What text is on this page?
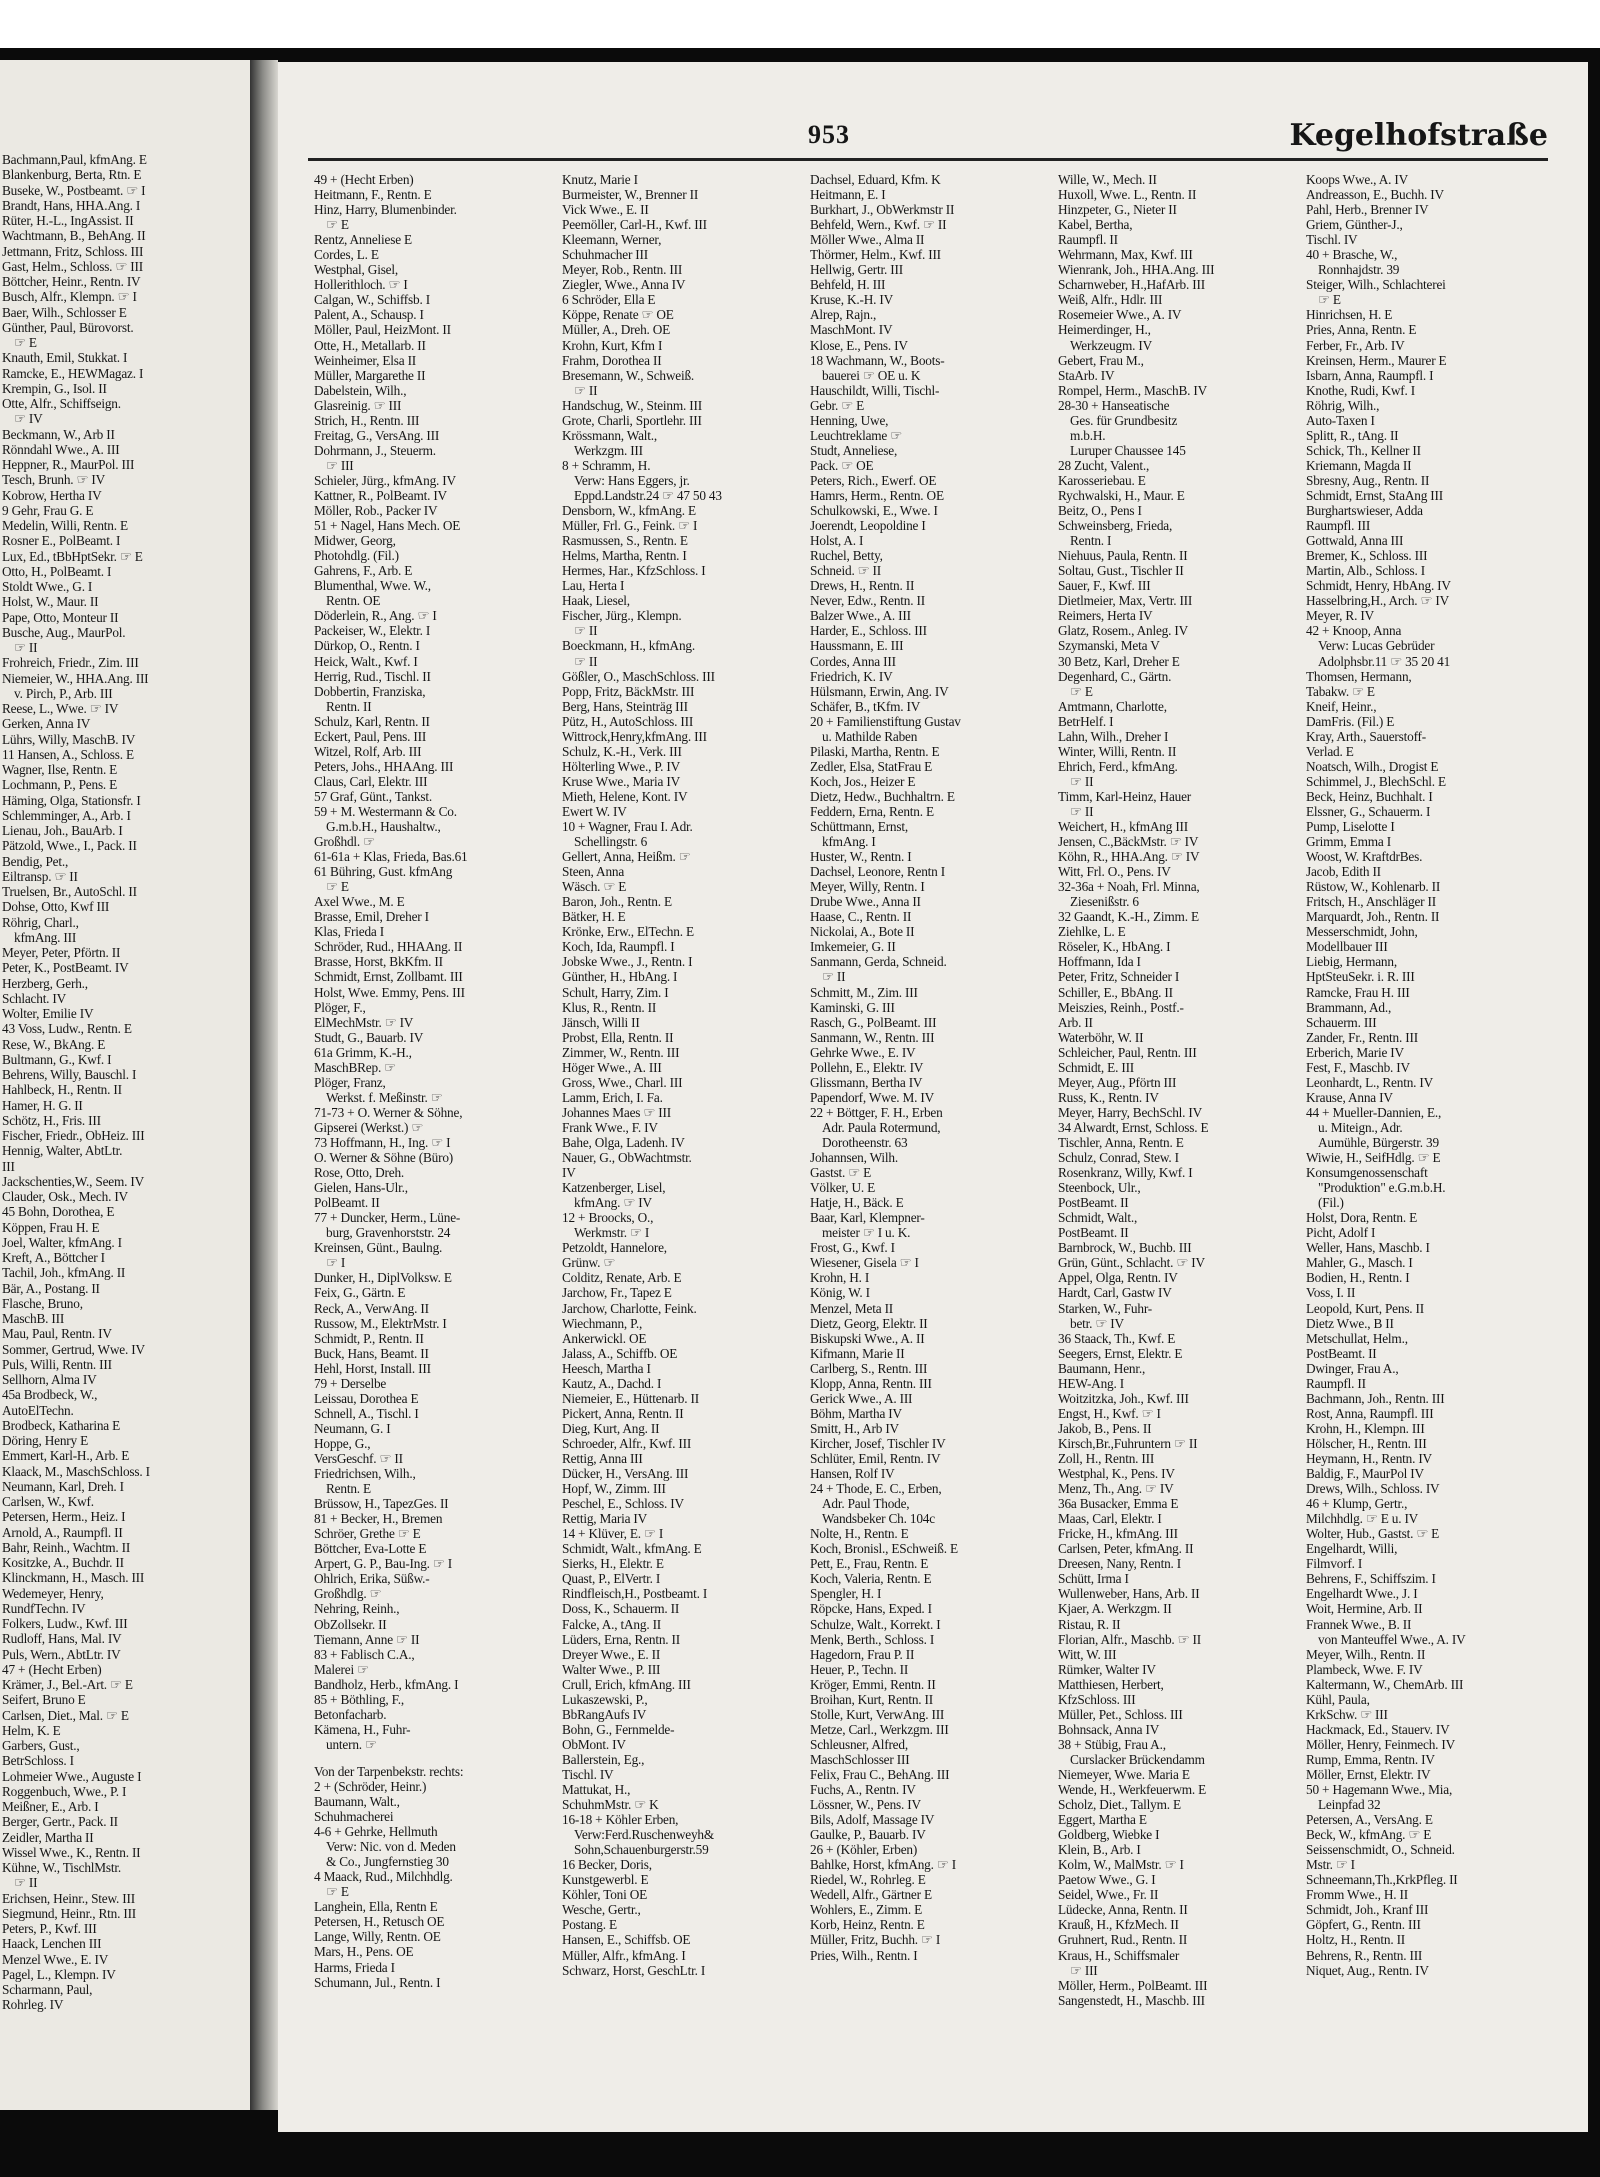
Bachmann,Paul, kfmAng. E
Blankenburg, Berta, Rtn. E
Buseke, W., Postbeamt. ☞ I
Brandt, Hans, HHA.Ang. I
Rüter, H.-L., IngAssist. II
Wachtmann, B., BehAng. II
Jettmann, Fritz, Schloss. III
Gast, Helm., Schloss. ☞ III
Böttcher, Heinr., Rentn. IV
Busch, Alfr., Klempn. ☞ I
Baer, Wilh., Schlosser E
Günther, Paul, Bürovorst.
☞ E
Knauth, Emil, Stukkat. I
Ramcke, E., HEWMagaz. I
Krempin, G., Isol. II
Otte, Alfr., Schiffseign.
☞ IV
Beckmann, W., Arb II
Rönndahl Wwe., A. III
Heppner, R., MaurPol. III
Tesch, Brunh. ☞ IV
Kobrow, Hertha IV
9 Gehr, Frau G. E
Medelin, Willi, Rentn. E
Rosner E., PolBeamt. I
Lux, Ed., tBbHptSekr. ☞ E
Otto, H., PolBeamt. I
Stoldt Wwe., G. I
Holst, W., Maur. II
Pape, Otto, Monteur II
Busche, Aug., MaurPol.
☞ II
Frohreich, Friedr., Zim. III
Niemeier, W., HHA.Ang. III
v. Pirch, P., Arb. III
Reese, L., Wwe. ☞ IV
Gerken, Anna IV
Lührs, Willy, MaschB. IV
11 Hansen, A., Schloss. E
Wagner, Ilse, Rentn. E
Lochmann, P., Pens. E
Häming, Olga, Stationsfr. I
Schlemminger, A., Arb. I
Lienau, Joh., BauArb. I
Pätzold, Wwe., I., Pack. II
Bendig, Pet.,
Eiltransp. ☞ II
Truelsen, Br., AutoSchl. II
Dohse, Otto, Kwf III
Röhrig, Charl.,
kfmAng. III
Meyer, Peter, Pförtn. II
Peter, K., PostBeamt. IV
Herzberg, Gerh.,
Schlacht. IV
Wolter, Emilie IV
43 Voss, Ludw., Rentn. E
Rese, W., BkAng. E
Bultmann, G., Kwf. I
Behrens, Willy, Bauschl. I
Hahlbeck, H., Rentn. II
Hamer, H. G. II
Schötz, H., Fris. III
Fischer, Friedr., ObHeiz. III
Hennig, Walter, AbtLtr.
III
Jackschenties,W., Seem. IV
Clauder, Osk., Mech. IV
45 Bohn, Dorothea, E
Köppen, Frau H. E
Joel, Walter, kfmAng. I
Kreft, A., Böttcher I
Tachil, Joh., kfmAng. II
Bär, A., Postang. II
Flasche, Bruno,
MaschB. III
Mau, Paul, Rentn. IV
Sommer, Gertrud, Wwe. IV
Puls, Willi, Rentn. III
Sellhorn, Alma IV
45a Brodbeck, W.,
AutoElTechn.
Brodbeck, Katharina E
Döring, Henry E
Emmert, Karl-H., Arb. E
Klaack, M., MaschSchloss. I
Neumann, Karl, Dreh. I
Carlsen, W., Kwf.
Petersen, Herm., Heiz. I
Arnold, A., Raumpfl. II
Bahr, Reinh., Wachtm. II
Kositzke, A., Buchdr. II
Klinckmann, H., Masch. III
Wedemeyer, Henry,
RundfTechn. IV
Folkers, Ludw., Kwf. III
Rudloff, Hans, Mal. IV
Puls, Wern., AbtLtr. IV
47 + (Hecht Erben)
Krämer, J., Bel.-Art. ☞ E
Seifert, Bruno E
Carlsen, Diet., Mal. ☞ E
Helm, K. E
Garbers, Gust.,
BetrSchloss. I
Lohmeier Wwe., Auguste I
Roggenbuch, Wwe., P. I
Meißner, E., Arb. I
Berger, Gertr., Pack. II
Zeidler, Martha II
Wissel Wwe., K., Rentn. II
Kühne, W., TischlMstr.
☞ II
Erichsen, Heinr., Stew. III
Siegmund, Heinr., Rtn. III
Peters, P., Kwf. III
Haack, Lenchen III
Menzel Wwe., E. IV
Pagel, L., Klempn. IV
Scharmann, Paul,
Rohrleg. IV
953	Kegelhofstraße
49 + (Hecht Erben)
Heitmann, F., Rentn. E
Hinz, Harry, Blumenbinder.
☞ E
Rentz, Anneliese E
Cordes, L. E
Westphal, Gisel,
Hollerithloch. ☞ I
Calgan, W., Schiffsb. I
Palent, A., Schausp. I
Möller, Paul, HeizMont. II
Otte, H., Metallarb. II
Weinheimer, Elsa II
Müller, Margarethe II
Dabelstein, Wilh.,
Glasreinig. ☞ III
Strich, H., Rentn. III
Freitag, G., VersAng. III
Dohrmann, J., Steuerm.
☞ III
Schieler, Jürg., kfmAng. IV
Kattner, R., PolBeamt. IV
Möller, Rob., Packer IV
51 + Nagel, Hans Mech. OE
Midwer, Georg,
Photohdlg. (Fil.)
Gahrens, F., Arb. E
Blumenthal, Wwe. W.,
Rentn. OE
Döderlein, R., Ang. ☞ I
Packeiser, W., Elektr. I
Dürkop, O., Rentn. I
Heick, Walt., Kwf. I
Herrig, Rud., Tischl. II
Dobbertin, Franziska,
Rentn. II
Schulz, Karl, Rentn. II
Eckert, Paul, Pens. III
Witzel, Rolf, Arb. III
Peters, Johs., HHAAng. III
Claus, Carl, Elektr. III
57 Graf, Günt., Tankst.
59 + M. Westermann & Co.
G.m.b.H., Haushaltw.,
Großhdl. ☞
61-61a + Klas, Frieda, Bas.61
61 Bühring, Gust. kfmAng
☞ E
Axel Wwe., M. E
Brasse, Emil, Dreher I
Klas, Frieda I
Schröder, Rud., HHAAng. II
Brasse, Horst, BkKfm. II
Schmidt, Ernst, Zollbamt. III
Holst, Wwe. Emmy, Pens. III
Plöger, F.,
ElMechMstr. ☞ IV
Studt, G., Bauarb. IV
61a Grimm, K.-H.,
MaschBRep. ☞
Plöger, Franz,
Werkst. f. Meßinstr. ☞
71-73 + O. Werner & Söhne,
Gipserei (Werkst.) ☞
73 Hoffmann, H., Ing. ☞ I
O. Werner & Söhne (Büro)
Rose, Otto, Dreh.
Gielen, Hans-Ulr.,
PolBeamt. II
77 + Duncker, Herm., Lüne-
burg, Gravenhorststr. 24
Kreinsen, Günt., Baulng.
☞ I
Dunker, H., DiplVolksw. E
Feix, G., Gärtn. E
Reck, A., VerwAng. II
Russow, M., ElektrMstr. I
Schmidt, P., Rentn. II
Buck, Hans, Beamt. II
Hehl, Horst, Install. III
79 + Derselbe
Leissau, Dorothea E
Schnell, A., Tischl. I
Neumann, G. I
Hoppe, G.,
VersGeschf. ☞ II
Friedrichsen, Wilh.,
Rentn. E
Brüssow, H., TapezGes. II
81 + Becker, H., Bremen
Schröer, Grethe ☞ E
Böttcher, Eva-Lotte E
Arpert, G. P., Bau-Ing. ☞ I
Ohlrich, Erika, Süßw.-
Großhdlg. ☞
Nehring, Reinh.,
ObZollsekr. II
Tiemann, Anne ☞ II
83 + Fablisch C.A.,
Malerei ☞
Bandholz, Herb., kfmAng. I
85 + Böthling, F.,
Betonfacharb.
Kämena, H., Fuhr-
untern. ☞
Von der Tarpenbekstr. rechts:
2 + (Schröder, Heinr.)
Baumann, Walt.,
Schuhmacherei
4-6 + Gehrke, Hellmuth
Verw: Nic. von d. Meden
& Co., Jungfernstieg 30
4 Maack, Rud., Milchhdlg.
☞ E
Langhein, Ella, Rentn E
Petersen, H., Retusch OE
Lange, Willy, Rentn. OE
Mars, H., Pens. OE
Harms, Frieda I
Schumann, Jul., Rentn. I
Knutz, Marie I
Burmeister, W., Brenner II
Vick Wwe., E. II
Peemöller, Carl-H., Kwf. III
Kleemann, Werner,
Schuhmacher III
Meyer, Rob., Rentn. III
Ziegler, Wwe., Anna IV
6 Schröder, Ella E
Köppe, Renate ☞ OE
Müller, A., Dreh. OE
Krohn, Kurt, Kfm I
Frahm, Dorothea II
Bresemann, W., Schweiß.
☞ II
Handschug, W., Steinm. III
Grote, Charli, Sportlehr. III
Krössmann, Walt.,
Werkzgm. III
8 + Schramm, H.
Verw: Hans Eggers, jr.
Eppd.Landstr.24 ☞ 47 50 43
Densborn, W., kfmAng. E
Müller, Frl. G., Feink. ☞ I
Rasmussen, S., Rentn. E
Helms, Martha, Rentn. I
Hermes, Har., KfzSchloss. I
Lau, Herta I
Haak, Liesel,
Fischer, Jürg., Klempn.
☞ II
Boeckmann, H., kfmAng.
☞ II
Gößler, O., MaschSchloss. III
Popp, Fritz, BäckMstr. III
Berg, Hans, Steinträg III
Pütz, H., AutoSchloss. III
Wittrock,Henry,kfmAng. III
Schulz, K.-H., Verk. III
Hölterling Wwe., P. IV
Kruse Wwe., Maria IV
Mieth, Helene, Kont. IV
Ewert W. IV
10 + Wagner, Frau I. Adr.
Schellingstr. 6
Gellert, Anna, Heißm. ☞
Steen, Anna
Wäsch. ☞ E
Baron, Joh., Rentn. E
Bätker, H. E
Krönke, Erw., ElTechn. E
Koch, Ida, Raumpfl. I
Jobske Wwe., J., Rentn. I
Günther, H., HbAng. I
Schult, Harry, Zim. I
Klus, R., Rentn. II
Jänsch, Willi II
Probst, Ella, Rentn. II
Zimmer, W., Rentn. III
Höger Wwe., A. III
Gross, Wwe., Charl. III
Lamm, Erich, I. Fa.
Johannes Maes ☞ III
Frank Wwe., F. IV
Bahe, Olga, Ladenh. IV
Nauer, G., ObWachtmstr.
IV
Katzenberger, Lisel,
kfmAng. ☞ IV
12 + Broocks, O.,
Werkmstr. ☞ I
Petzoldt, Hannelore,
Grünw. ☞
Colditz, Renate, Arb. E
Jarchow, Fr., Tapez E
Jarchow, Charlotte, Feink.
Wiechmann, P.,
Ankerwickl. OE
Jalass, A., Schiffb. OE
Heesch, Martha I
Kautz, A., Dachd. I
Niemeier, E., Hüttenarb. II
Pickert, Anna, Rentn. II
Dieg, Kurt, Ang. II
Schroeder, Alfr., Kwf. III
Rettig, Anna III
Dücker, H., VersAng. III
Hopf, W., Zimm. III
Peschel, E., Schloss. IV
Rettig, Maria IV
14 + Klüver, E. ☞ I
Schmidt, Walt., kfmAng. E
Sierks, H., Elektr. E
Quast, P., ElVertr. I
Rindfleisch,H., Postbeamt. I
Doss, K., Schauerm. II
Falcke, A., tAng. II
Lüders, Erna, Rentn. II
Dreyer Wwe., E. II
Walter Wwe., P. III
Crull, Erich, kfmAng. III
Lukaszewski, P.,
BbRangAufs IV
Bohn, G., Fernmelde-
ObMont. IV
Ballerstein, Eg.,
Tischl. IV
Mattukat, H.,
SchuhmMstr. ☞ K
16-18 + Köhler Erben,
Verw:Ferd.Ruschenweyh&
Sohn,Schauenburgerstr.59
16 Becker, Doris,
Kunstgewerbl. E
Köhler, Toni OE
Wesche, Gertr.,
Postang. E
Hansen, E., Schiffsb. OE
Müller, Alfr., kfmAng. I
Schwarz, Horst, GeschLtr. I
Dachsel, Eduard, Kfm. K
Heitmann, E. I
Burkhart, J., ObWerkmstr II
Behfeld, Wern., Kwf. ☞ II
Möller Wwe., Alma II
Thörmer, Helm., Kwf. III
Hellwig, Gertr. III
Behfeld, H. III
Kruse, K.-H. IV
Alrep, Rajn.,
MaschMont. IV
Klose, E., Pens. IV
18 Wachmann, W., Boots-
bauerei ☞ OE u. K
Hauschildt, Willi, Tischl-
Gebr. ☞ E
Henning, Uwe,
Leuchtreklame ☞
Studt, Anneliese,
Pack. ☞ OE
Peters, Rich., Ewerf. OE
Hamrs, Herm., Rentn. OE
Schulkowski, E., Wwe. I
Joerendt, Leopoldine I
Holst, A. I
Ruchel, Betty,
Schneid. ☞ II
Drews, H., Rentn. II
Never, Edw., Rentn. II
Balzer Wwe., A. III
Harder, E., Schloss. III
Haussmann, E. III
Cordes, Anna III
Friedrich, K. IV
Hülsmann, Erwin, Ang. IV
Schäfer, B., tKfm. IV
20 + Familienstiftung Gustav
u. Mathilde Raben
Pilaski, Martha, Rentn. E
Zedler, Elsa, StatFrau E
Koch, Jos., Heizer E
Dietz, Hedw., Buchhaltrn. E
Feddern, Erna, Rentn. E
Schüttmann, Ernst,
kfmAng. I
Huster, W., Rentn. I
Dachsel, Leonore, Rentn I
Meyer, Willy, Rentn. I
Drube Wwe., Anna II
Haase, C., Rentn. II
Nickolai, A., Bote II
Imkemeier, G. II
Sanmann, Gerda, Schneid.
☞ II
Schmitt, M., Zim. III
Kaminski, G. III
Rasch, G., PolBeamt. III
Sanmann, W., Rentn. III
Gehrke Wwe., E. IV
Pollehn, E., Elektr. IV
Glissmann, Bertha IV
Papendorf, Wwe. M. IV
22 + Böttger, F. H., Erben
Adr. Paula Rotermund,
Dorotheenstr. 63
Johannsen, Wilh.
Gastst. ☞ E
Völker, U. E
Hatje, H., Bäck. E
Baar, Karl, Klempner-
meister ☞ I u. K.
Frost, G., Kwf. I
Wiesener, Gisela ☞ I
Krohn, H. I
König, W. I
Menzel, Meta II
Dietz, Georg, Elektr. II
Biskupski Wwe., A. II
Kifmann, Marie II
Carlberg, S., Rentn. III
Klopp, Anna, Rentn. III
Gerick Wwe., A. III
Böhm, Martha IV
Smitt, H., Arb IV
Kircher, Josef, Tischler IV
Schlüter, Emil, Rentn. IV
Hansen, Rolf IV
24 + Thode, E. C., Erben,
Adr. Paul Thode,
Wandsbeker Ch. 104c
Nolte, H., Rentn. E
Koch, Bronisl., ESchweiß. E
Pett, E., Frau, Rentn. E
Koch, Valeria, Rentn. E
Spengler, H. I
Röpcke, Hans, Exped. I
Schulze, Walt., Korrekt. I
Menk, Berth., Schloss. I
Hagedorn, Frau P. II
Heuer, P., Techn. II
Kröger, Emmi, Rentn. II
Broihan, Kurt, Rentn. II
Stolle, Kurt, VerwAng. III
Metze, Carl., Werkzgm. III
Schleusner, Alfred,
MaschSchlosser III
Felix, Frau C., BehAng. III
Fuchs, A., Rentn. IV
Lössner, W., Pens. IV
Bils, Adolf, Massage IV
Gaulke, P., Bauarb. IV
26 + (Köhler, Erben)
Bahlke, Horst, kfmAng. ☞ I
Riedel, W., Rohrleg. E
Wedell, Alfr., Gärtner E
Wohlers, E., Zimm. E
Korb, Heinz, Rentn. E
Müller, Fritz, Buchh. ☞ I
Pries, Wilh., Rentn. I
Wille, W., Mech. II
Huxoll, Wwe. L., Rentn. II
Hinzpeter, G., Nieter II
Kabel, Bertha,
Raumpfl. II
Wehrmann, Max, Kwf. III
Wienrank, Joh., HHA.Ang. III
Scharnweber, H.,HafArb. III
Weiß, Alfr., Hdlr. III
Rosemeier Wwe., A. IV
Heimerdinger, H.,
Werkzeugm. IV
Gebert, Frau M.,
StaArb. IV
Rompel, Herm., MaschB. IV
28-30 + Hanseatische
Ges. für Grundbesitz
m.b.H.
Luruper Chaussee 145
28 Zucht, Valent.,
Karosseriebau. E
Rychwalski, H., Maur. E
Beitz, O., Pens I
Schweinsberg, Frieda,
Rentn. I
Niehuus, Paula, Rentn. II
Soltau, Gust., Tischler II
Sauer, F., Kwf. III
Dietlmeier, Max, Vertr. III
Reimers, Herta IV
Glatz, Rosem., Anleg. IV
Szymanski, Meta V
30 Betz, Karl, Dreher E
Degenhard, C., Gärtn.
☞ E
Amtmann, Charlotte,
BetrHelf. I
Lahn, Wilh., Dreher I
Winter, Willi, Rentn. II
Ehrich, Ferd., kfmAng.
☞ II
Timm, Karl-Heinz, Hauer
☞ II
Weichert, H., kfmAng III
Jensen, C.,BäckMstr. ☞ IV
Köhn, R., HHA.Ang. ☞ IV
Witt, Frl. O., Pens. IV
32-36a + Noah, Frl. Minna,
Ziesenißstr. 6
32 Gaandt, K.-H., Zimm. E
Ziehlke, L. E
Röseler, K., HbAng. I
Hoffmann, Ida I
Peter, Fritz, Schneider I
Schiller, E., BbAng. II
Meiszies, Reinh., Postf.-
Arb. II
Waterböhr, W. II
Schleicher, Paul, Rentn. III
Schmidt, E. III
Meyer, Aug., Pförtn III
Russ, K., Rentn. IV
Meyer, Harry, BechSchl. IV
34 Alwardt, Ernst, Schloss. E
Tischler, Anna, Rentn. E
Schulz, Conrad, Stew. I
Rosenkranz, Willy, Kwf. I
Steenbock, Ulr.,
PostBeamt. II
Schmidt, Walt.,
PostBeamt. II
Barnbrock, W., Buchb. III
Grün, Günt., Schlacht. ☞ IV
Appel, Olga, Rentn. IV
Hardt, Carl, Gastw IV
Starken, W., Fuhr-
betr. ☞ IV
36 Staack, Th., Kwf. E
Seegers, Ernst, Elektr. E
Baumann, Henr.,
HEW-Ang. I
Woitzitzka, Joh., Kwf. III
Engst, H., Kwf. ☞ I
Jakob, B., Pens. II
Kirsch,Br.,Fuhruntern ☞ II
Zoll, H., Rentn. III
Westphal, K., Pens. IV
Menz, Th., Ang. ☞ IV
36a Busacker, Emma E
Maas, Carl, Elektr. I
Fricke, H., kfmAng. III
Carlsen, Peter, kfmAng. II
Dreesen, Nany, Rentn. I
Schütt, Irma I
Wullenweber, Hans, Arb. II
Kjaer, A. Werkzgm. II
Ristau, R. II
Florian, Alfr., Maschb. ☞ II
Witt, W. III
Rümker, Walter IV
Matthiesen, Herbert,
KfzSchloss. III
Müller, Pet., Schloss. III
Bohnsack, Anna IV
38 + Stübig, Frau A.,
Curslacker Brückendamm
Niemeyer, Wwe. Maria E
Wende, H., Werkfeuerwm. E
Scholz, Diet., Tallym. E
Eggert, Martha E
Goldberg, Wiebke I
Klein, B., Arb. I
Kolm, W., MalMstr. ☞ I
Paetow Wwe., G. I
Seidel, Wwe., Fr. II
Lüdecke, Anna, Rentn. II
Krauß, H., KfzMech. II
Gruhnert, Rud., Rentn. II
Kraus, H., Schiffsmaler
☞ III
Möller, Herm., PolBeamt. III
Sangenstedt, H., Maschb. III
Koops Wwe., A. IV
Andreasson, E., Buchh. IV
Pahl, Herb., Brenner IV
Griem, Günther-J.,
Tischl. IV
40 + Brasche, W.,
Ronnhajdstr. 39
Steiger, Wilh., Schlachterei
☞ E
Hinrichsen, H. E
Pries, Anna, Rentn. E
Ferber, Fr., Arb. IV
Kreinsen, Herm., Maurer E
Isbarn, Anna, Raumpfl. I
Knothe, Rudi, Kwf. I
Röhrig, Wilh.,
Auto-Taxen I
Splitt, R., tAng. II
Schick, Th., Kellner II
Kriemann, Magda II
Sbresny, Aug., Rentn. II
Schmidt, Ernst, StaAng III
Burghartswieser, Adda
Raumpfl. III
Gottwald, Anna III
Bremer, K., Schloss. III
Martin, Alb., Schloss. I
Schmidt, Henry, HbAng. IV
Hasselbring,H., Arch. ☞ IV
Meyer, R. IV
42 + Knoop, Anna
Verw: Lucas Gebrüder
Adolphsbr.11 ☞ 35 20 41
Thomsen, Hermann,
Tabakw. ☞ E
Kneif, Heinr.,
DamFris. (Fil.) E
Kray, Arth., Sauerstoff-
Verlad. E
Noatsch, Wilh., Drogist E
Schimmel, J., BlechSchl. E
Beck, Heinz, Buchhalt. I
Elssner, G., Schauerm. I
Pump, Liselotte I
Grimm, Emma I
Woost, W. KraftdrBes.
Jacob, Edith II
Rüstow, W., Kohlenarb. II
Fritsch, H., Anschläger II
Marquardt, Joh., Rentn. II
Messerschmidt, John,
Modellbauer III
Liebig, Hermann,
HptSteuSekr. i. R. III
Ramcke, Frau H. III
Brammann, Ad.,
Schauerm. III
Zander, Fr., Rentn. III
Erberich, Marie IV
Fest, F., Maschb. IV
Leonhardt, L., Rentn. IV
Krause, Anna IV
44 + Mueller-Dannien, E.,
u. Miteign., Adr.
Aumühle, Bürgerstr. 39
Wiwie, H., SeifHdlg. ☞ E
Konsumgenossenschaft
"Produktion" e.G.m.b.H.
(Fil.)
Holst, Dora, Rentn. E
Picht, Adolf I
Weller, Hans, Maschb. I
Mahler, G., Masch. I
Bodien, H., Rentn. I
Voss, I. II
Leopold, Kurt, Pens. II
Dietz Wwe., B II
Metschullat, Helm.,
PostBeamt. II
Dwinger, Frau A.,
Raumpfl. II
Bachmann, Joh., Rentn. III
Rost, Anna, Raumpfl. III
Krohn, H., Klempn. III
Hölscher, H., Rentn. III
Heymann, H., Rentn. IV
Baldig, F., MaurPol IV
Drews, Wilh., Schloss. IV
46 + Klump, Gertr.,
Milchhdlg. ☞ E u. IV
Wolter, Hub., Gastst. ☞ E
Engelhardt, Willi,
Filmvorf. I
Behrens, F., Schiffszim. I
Engelhardt Wwe., J. I
Woit, Hermine, Arb. II
Frannek Wwe., B. II
von Manteuffel Wwe., A. IV
Meyer, Wilh., Rentn. II
Plambeck, Wwe. F. IV
Kaltermann, W., ChemArb. III
Kühl, Paula,
KrkSchw. ☞ III
Hackmack, Ed., Stauerv. IV
Möller, Henry, Feinmech. IV
Rump, Emma, Rentn. IV
Möller, Ernst, Elektr. IV
50 + Hagemann Wwe., Mia,
Leinpfad 32
Petersen, A., VersAng. E
Beck, W., kfmAng. ☞ E
Seissenschmidt, O., Schneid.
Mstr. ☞ I
Schneemann,Th.,KrkPfleg. II
Fromm Wwe., H. II
Schmidt, Joh., Kranf III
Göpfert, G., Rentn. III
Holtz, H., Rentn. II
Behrens, R., Rentn. III
Niquet, Aug., Rentn. IV
